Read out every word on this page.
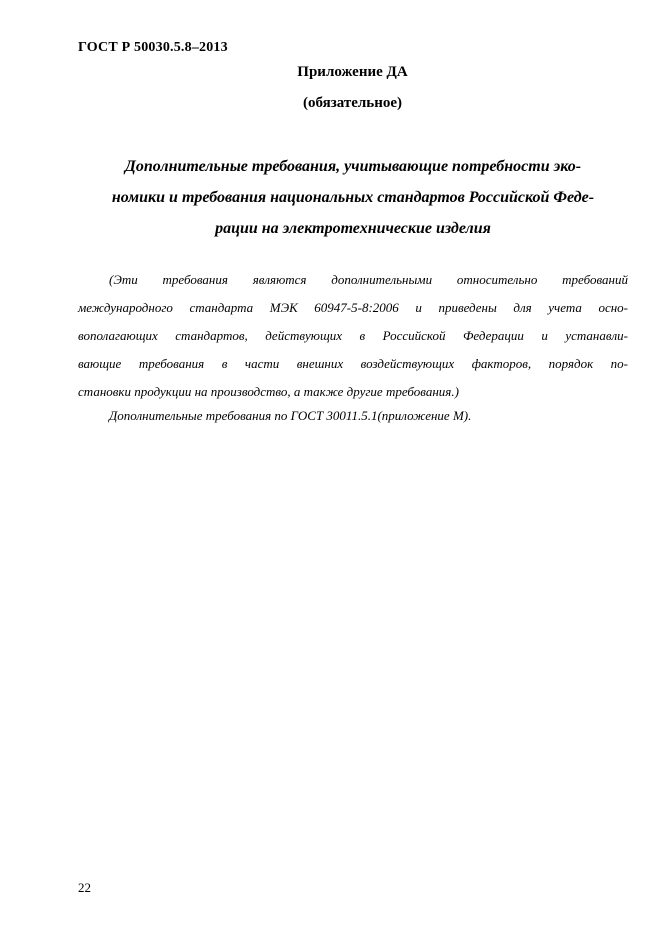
ГОСТ Р 50030.5.8–2013
Приложение ДА
(обязательное)
Дополнительные требования, учитывающие потребности эко-
номики и требования национальных стандартов Российской Феде-
рации на электротехнические изделия
(Эти требования являются дополнительными относительно требований
международного стандарта МЭК 60947-5-8:2006 и приведены для учета осно-
вополагающих стандартов, действующих в Российской Федерации и устанавли-
вающие требования в части внешних воздействующих факторов, порядок по-
становки продукции на производство, а также другие требования.)
Дополнительные требования по ГОСТ 30011.5.1(приложение М).
22
